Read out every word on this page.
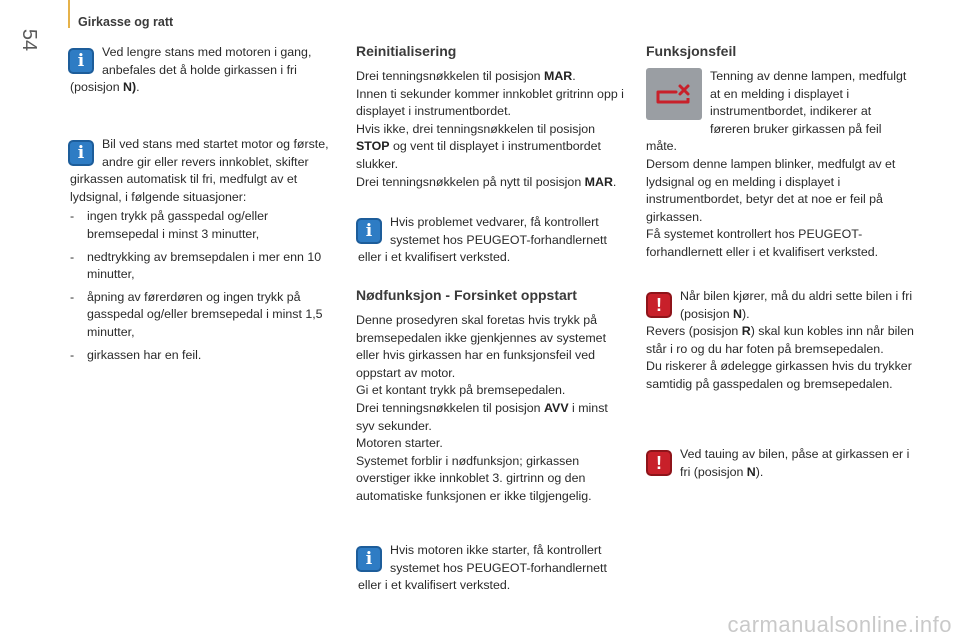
54
Girkasse og ratt
i	Ved lengre stans med motoren i gang, anbefales det å holde girkassen i fri (posisjon N).

i	Bil ved stans med startet motor og første, andre gir eller revers innkoblet, skifter girkassen automatisk til fri, medfulgt av et lydsignal, i følgende situasjoner:

- ingen trykk på gasspedal og/eller bremsepedal i minst 3 minutter,
- nedtrykking av bremsepdalen i mer enn 10 minutter,
- åpning av førerdøren og ingen trykk på gasspedal og/eller bremsepedal i minst 1,5 minutter,
- girkassen har en feil.
Reinitialisering

Drei tenningsnøkkelen til posisjon MAR.

Innen ti sekunder kommer innkoblet gritrinn opp i displayet i instrumentbordet.

Hvis ikke, drei tenningsnøkkelen til posisjon STOP og vent til displayet i instrumentbordet slukker.

Drei tenningsnøkkelen på nytt til posisjon MAR.

i	Hvis problemet vedvarer, få kontrollert systemet hos PEUGEOT-forhandlernett eller i et kvalifisert verksted.

Nødfunksjon - Forsinket oppstart

Denne prosedyren skal foretas hvis trykk på bremsepedalen ikke gjenkjennes av systemet eller hvis girkassen har en funksjonsfeil ved oppstart av motor.

Gi et kontant trykk på bremsepedalen.

Drei tenningsnøkkelen til posisjon AVV i minst syv sekunder.

Motoren starter.

Systemet forblir i nødfunksjon; girkassen overstiger ikke innkoblet 3. girtrinn og den automatiske funksjonen er ikke tilgjengelig.

i	Hvis motoren ikke starter, få kontrollert systemet hos PEUGEOT-forhandlernett eller i et kvalifisert verksted.

Funksjonsfeil

Tenning av denne lampen, medfulgt at en melding i displayet i instrumentbordet, indikerer at føreren bruker girkassen på feil måte.

Dersom denne lampen blinker, medfulgt av et lydsignal og en melding i displayet i instrumentbordet, betyr det at noe er feil på girkassen.

Få systemet kontrollert hos PEUGEOT-forhandlernett eller i et kvalifisert verksted.

!	Når bilen kjører, må du aldri sette bilen i fri (posisjon N).

Revers (posisjon R) skal kun kobles inn når bilen står i ro og du har foten på bremsepedalen.

Du riskerer å ødelegge girkassen hvis du trykker samtidig på gasspedalen og bremsepedalen.

!	Ved tauing av bilen, påse at girkassen er i fri (posisjon N).

carmanualsonline.info
